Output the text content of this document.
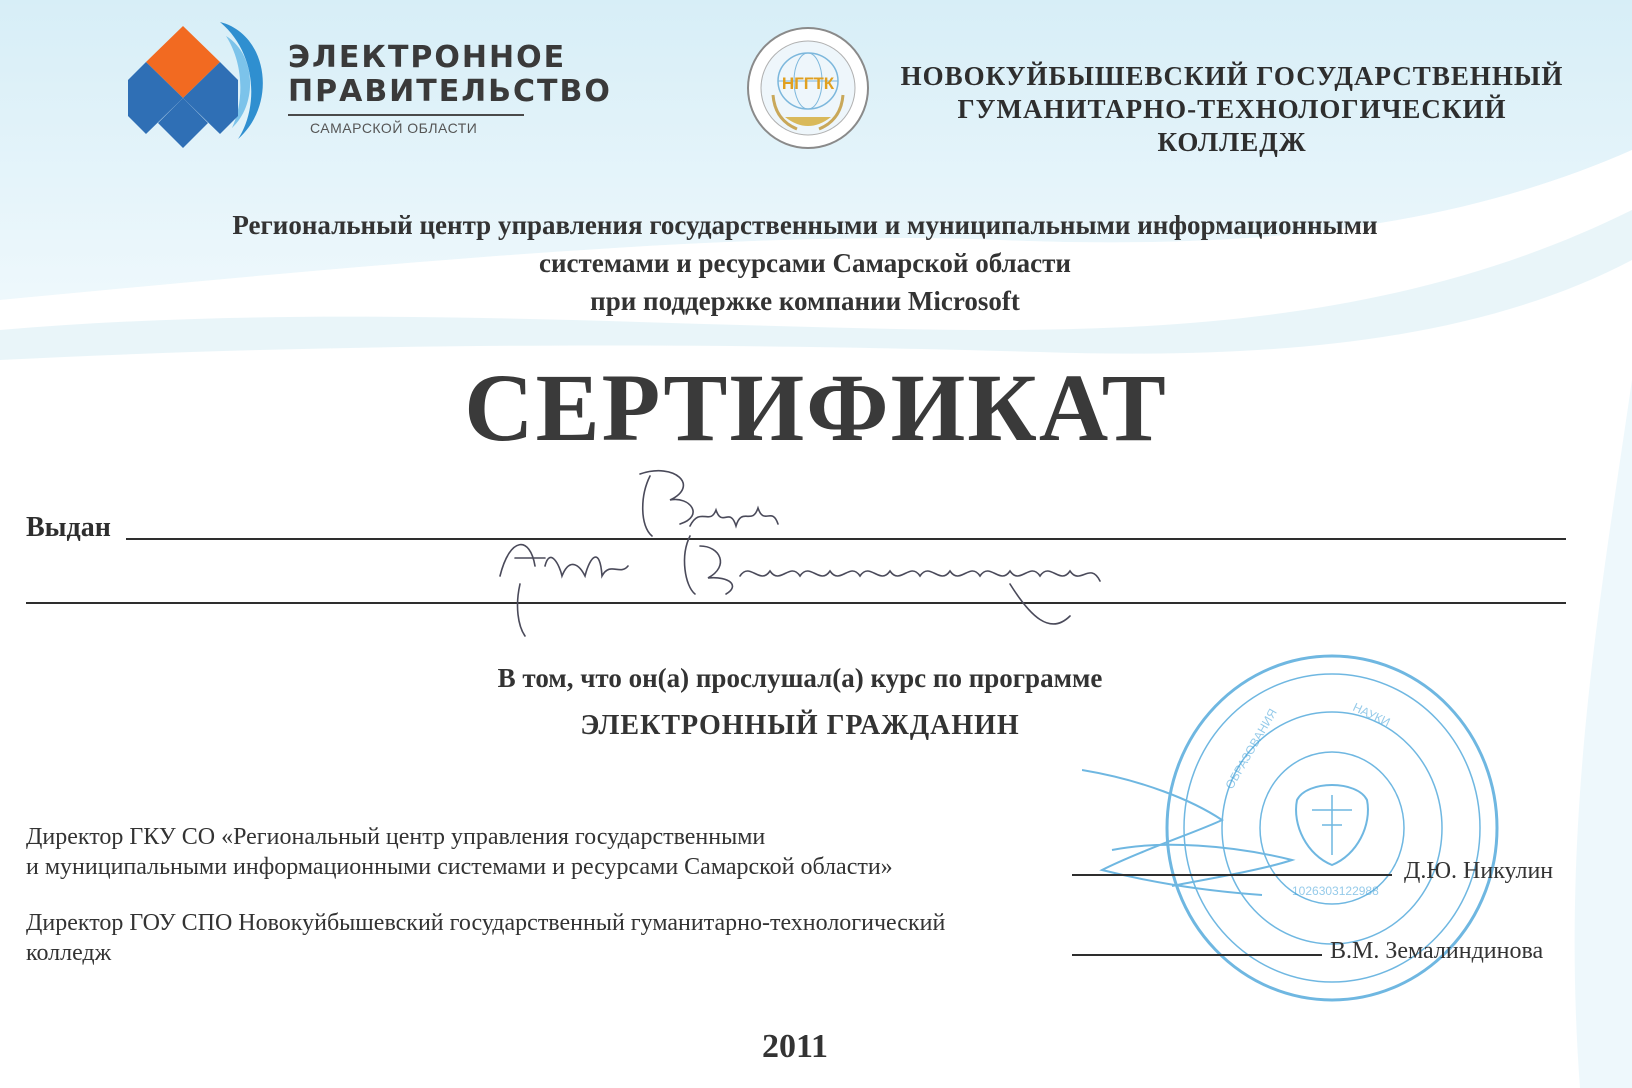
ЭЛЕКТРОННОЕ
ПРАВИТЕЛЬСТВО
САМАРСКОЙ ОБЛАСТИ
НГГТК	НОВОКУЙБЫШЕВСКИЙ ГОСУДАРСТВЕННЫЙ
ГУМАНИТАРНО-ТЕХНОЛОГИЧЕСКИЙ КОЛЛЕДЖ
Региональный центр управления государственными и муниципальными информационными
системами и ресурсами Самарской области
при поддержке компании Microsoft
СЕРТИФИКАТ
Выдан
В том, что он(а) прослушал(а) курс по программе
ЭЛЕКТРОННЫЙ ГРАЖДАНИН	ОБРАЗОВАНИЯ	НАУКИ
1026303122988
Директор ГКУ СО «Региональный центр управления государственными
и муниципальными информационными системами и ресурсами Самарской области»	Д.Ю. Никулин
Директор ГОУ СПО Новокуйбышевский государственный гуманитарно-технологический
колледж	В.М. Земалиндинова
2011
